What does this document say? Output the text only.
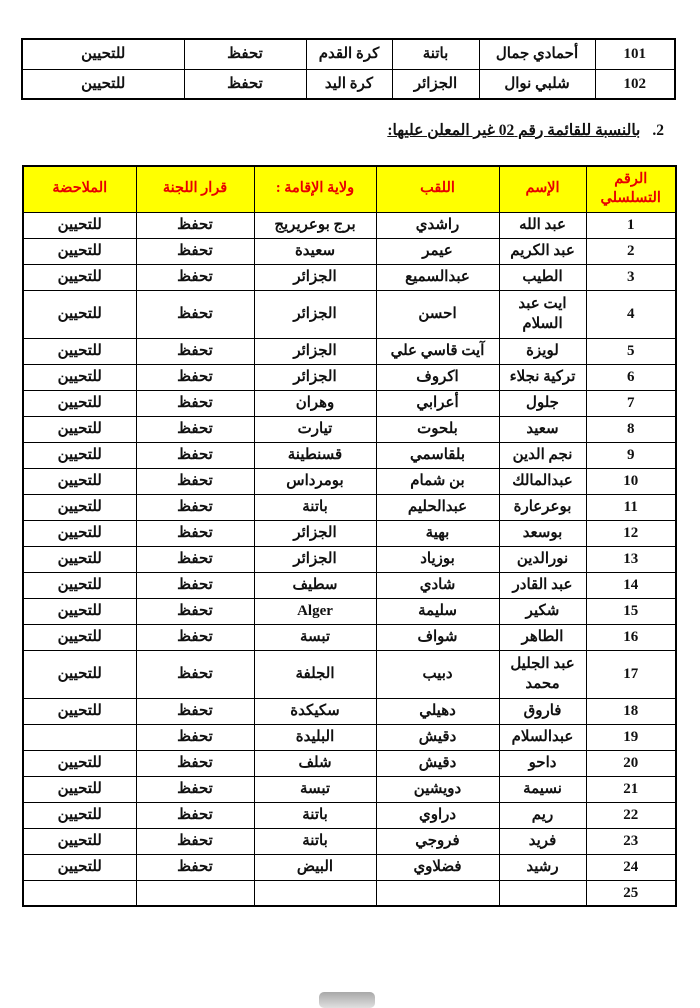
101	أحمادي جمال	باتنة	كرة القدم	تحفظ	للتحيين
102	شلبي نوال	الجزائر	كرة اليد	تحفظ	للتحيين
2.بالنسبة للقائمة رقم 02 غير المعلن عليها:
الرقم التسلسلي	الإسم	اللقب	ولاية الإقامة :	قرار اللجنة	الملاحضة
1	عبد الله	راشدي	برج بوعريريج	تحفظ	للتحيين
2	عبد الكريم	عيمر	سعيدة	تحفظ	للتحيين
3	الطيب	عبدالسميع	الجزائر	تحفظ	للتحيين
4	ايت عبد السلام	احسن	الجزائر	تحفظ	للتحيين
5	لويزة	آيت قاسي علي	الجزائر	تحفظ	للتحيين
6	تركية نجلاء	اكروف	الجزائر	تحفظ	للتحيين
7	جلول	أعرابي	وهران	تحفظ	للتحيين
8	سعيد	بلحوت	تيارت	تحفظ	للتحيين
9	نجم الدين	بلقاسمي	قسنطينة	تحفظ	للتحيين
10	عبدالمالك	بن شمام	بومرداس	تحفظ	للتحيين
11	بوعرعارة	عبدالحليم	باتنة	تحفظ	للتحيين
12	بوسعد	بهية	الجزائر	تحفظ	للتحيين
13	نورالدين	بوزياد	الجزائر	تحفظ	للتحيين
14	عبد القادر	شادي	سطيف	تحفظ	للتحيين
15	شكير	سليمة	Alger	تحفظ	للتحيين
16	الطاهر	شواف	تبسة	تحفظ	للتحيين
17	عبد الجليل محمد	دبيب	الجلفة	تحفظ	للتحيين
18	فاروق	دهيلي	سكيكدة	تحفظ	للتحيين
19	عبدالسلام	دقيش	البليدة	تحفظ	
20	داحو	دقيش	شلف	تحفظ	للتحيين
21	نسيمة	دويشين	تبسة	تحفظ	للتحيين
22	ريم	دراوي	باتنة	تحفظ	للتحيين
23	فريد	فروجي	باتنة	تحفظ	للتحيين
24	رشيد	فضلاوي	البيض	تحفظ	للتحيين
25					
